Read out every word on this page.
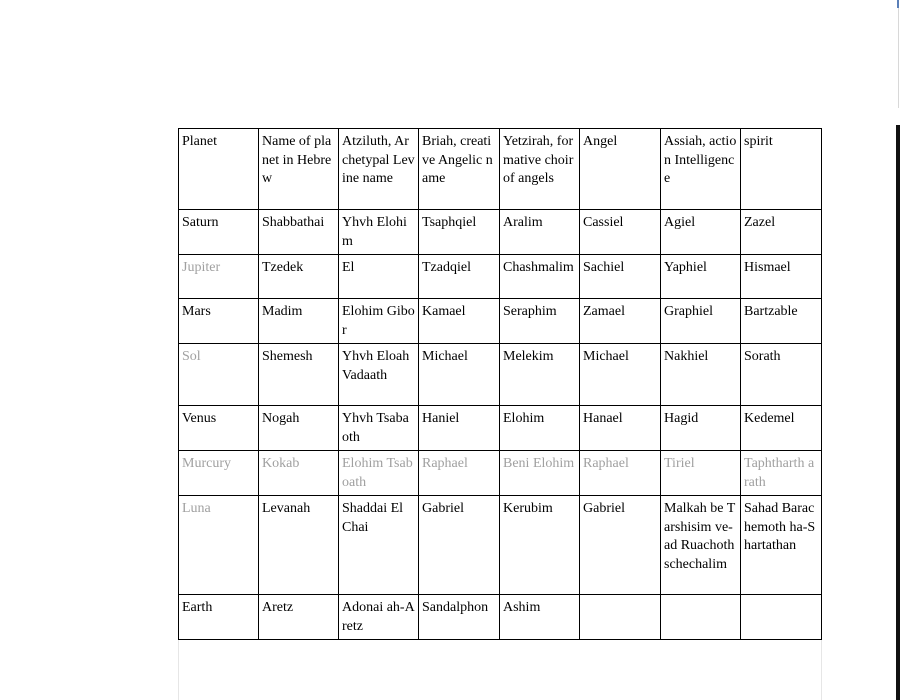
Planet	Name of planet in Hebrew	Atziluth, Archetypal Levine name	Briah, creative Angelic name	Yetzirah, formative choir of angels	Angel	Assiah, action Intelligence	spirit
Saturn	Shabbathai	Yhvh Elohim	Tsaphqiel	Aralim	Cassiel	Agiel	Zazel
Jupiter	Tzedek	El	Tzadqiel	Chashmalim	Sachiel	Yaphiel	Hismael
Mars	Madim	Elohim Gibor	Kamael	Seraphim	Zamael	Graphiel	Bartzable
Sol	Shemesh	Yhvh Eloah Vadaath	Michael	Melekim	Michael	Nakhiel	Sorath
Venus	Nogah	Yhvh Tsabaoth	Haniel	Elohim	Hanael	Hagid	Kedemel
Murcury	Kokab	Elohim Tsaboath	Raphael	Beni Elohim	Raphael	Tiriel	Taphtharth arath
Luna	Levanah	Shaddai El Chai	Gabriel	Kerubim	Gabriel	Malkah be Tarshisim ve-ad Ruachoth schechalim	Sahad Barachemoth ha-Shartathan
Earth	Aretz	Adonai ah-Aretz	Sandalphon	Ashim			
